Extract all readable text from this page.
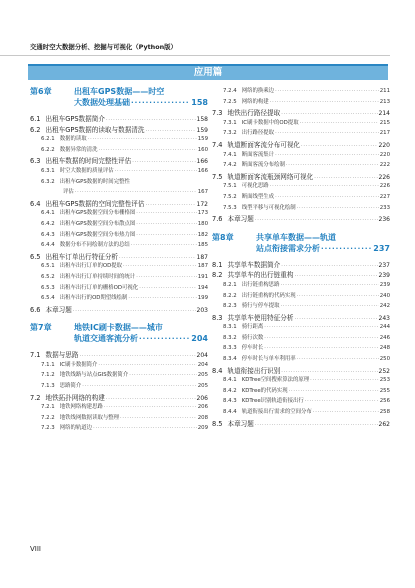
交通时空大数据分析、挖掘与可视化（Python版）
应用篇
第6章	出租车GPS数据——时空
大数据处理基础 ·····	158
6.1 出租车GPS数据简介 ·····	158
6.2 出租车GPS数据的读取与数据清洗 ·····	159
6.2.1 数据的读取 ·····	159
6.2.2 数据异常的清洗 ·····	160
6.3 出租车数据的时间完整性评估 ·····	166
6.3.1 时空大数据的质量评估 ·····	166
6.3.2 出租车GPS数据的时间完整性
评估 ·····	167
6.4 出租车GPS数据的空间完整性评估 ·····	172
6.4.1 出租车GPS数据空间分布栅格图 ·····	173
6.4.2 出租车GPS数据空间分布散点图 ·····	180
6.4.3 出租车GPS数据空间分布热力图 ·····	182
6.4.4 数据分布不同绘制方法的总结 ·····	185
6.5 出租车订单出行特征分析 ·····	187
6.5.1 出租车出行订单的OD提取 ·····	187
6.5.2 出租车出行订单持续时间的统计 ·····	191
6.5.3 出租车出行订单的栅格OD可视化 ·····	194
6.5.4 出租车出行的OD期望线绘制 ·····	199
6.6 本章习题 ·····	203
第7章	地铁IC刷卡数据——城市
轨道交通客流分析 ·····	204
7.1 数据与思路 ·····	204
7.1.1 IC刷卡数据简介 ·····	204
7.1.2 地铁线路与站点GIS数据简介 ·····	205
7.1.3 思路简介 ·····	205
7.2 地铁拓扑网络的构建 ·····	206
7.2.1 地铁网络构建思路 ·····	206
7.2.2 地铁线网数据读取与整理 ·····	208
7.2.3 网络的轨道边 ·····	209
7.2.4 网络的换乘边 ·····	211
7.2.5 网络的构建 ·····	213
7.3 地铁出行路径提取 ·····	214
7.3.1 IC刷卡数据中的OD提取 ·····	215
7.3.2 出行路径提取 ·····	217
7.4 轨道断面客流分布可视化 ·····	220
7.4.1 断面客流集计 ·····	220
7.4.2 断面客流分布绘制 ·····	222
7.5 轨道断面客流瓶颈网络可视化 ·····	226
7.5.1 可视化思路 ·····	226
7.5.2 断面线型生成 ·····	227
7.5.3 线型平移与可视化绘制 ·····	233
7.6 本章习题 ·····	236
第8章	共享单车数据——轨道
站点衔接需求分析 ·····	237
8.1 共享单车数据简介 ·····	237
8.2 共享单车的出行链重构 ·····	239
8.2.1 出行链重构思路 ·····	239
8.2.2 出行链重构的代码实现 ·····	240
8.2.3 骑行与停车提取 ·····	242
8.3 共享单车使用特征分析 ·····	243
8.3.1 骑行距离 ·····	244
8.3.2 骑行次数 ·····	246
8.3.3 停车时长 ·····	248
8.3.4 停车时长与单车利用率 ·····	250
8.4 轨道衔接出行识别 ·····	252
8.4.1 KDTree空间搜索算法的原理 ·····	253
8.4.2 KDTree的代码实现 ·····	255
8.4.3 KDTree识别轨道衔接出行 ·····	256
8.4.4 轨道衔接出行需求的空间分布 ·····	258
8.5 本章习题 ·····	262
VIII
